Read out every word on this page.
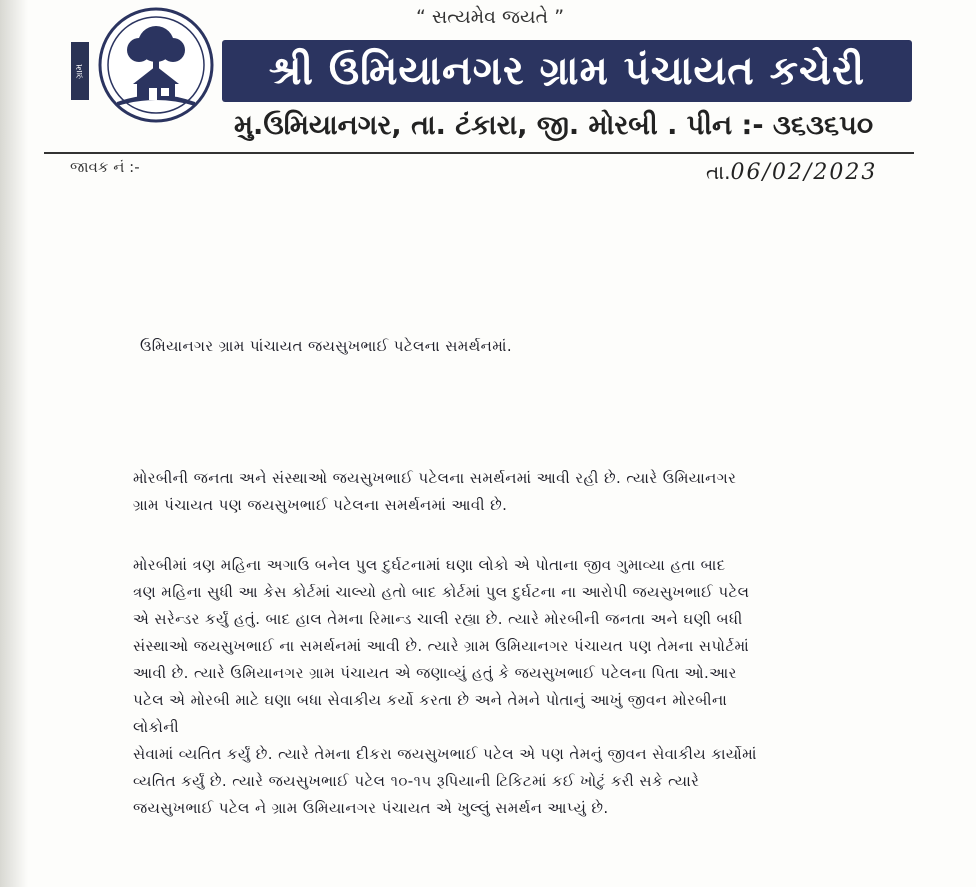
“ સત્યમેવ જયતે ”
ગ્રામ	શ્રી ઉમિયાનગર ગ્રામ પંચાયત કચેરી
મુ.ઉમિયાનગર, તા. ટંકારા, જી. મોરબી . પીન :- ૩૬૩૬૫૦
જાવક નં :-	તા.06/02/2023
ઉમિયાનગર ગ્રામ પાંચાયત જયસુખભાઈ પટેલના સમર્થનમાં.
મોરબીની જનતા અને સંસ્થાઓ જયસુખભાઈ પટેલના સમર્થનમાં આવી રહી છે. ત્યારે ઉમિયાનગર
ગ્રામ પંચાયત પણ જયસુખભાઈ પટેલના સમર્થનમાં આવી છે.
મોરબીમાં ત્રણ મહિના અગાઉ બનેલ પુલ દુર્ઘટનામાં ઘણા લોકો એ પોતાના જીવ ગુમાવ્યા હતા બાદ
ત્રણ મહિના સુધી આ કેસ કોર્ટમાં ચાલ્યો હતો બાદ કોર્ટમાં પુલ દુર્ઘટના ના આરોપી જયસુખભાઈ પટેલ
એ સરેન્ડર કર્યું હતું. બાદ હાલ તેમના રિમાન્ડ ચાલી રહ્યા છે. ત્યારે મોરબીની જનતા અને ઘણી બધી
સંસ્થાઓ જયસુખભાઈ ના સમર્થનમાં આવી છે. ત્યારે ગ્રામ ઉમિયાનગર પંચાયત પણ તેમના સપોર્ટમાં
આવી છે. ત્યારે ઉમિયાનગર ગ્રામ પંચાયત એ જણાવ્યું હતું કે જયસુખભાઈ પટેલના પિતા ઓ.આર
પટેલ એ મોરબી માટે ઘણા બધા સેવાકીય કર્યો કરતા છે અને તેમને પોતાનું આખું જીવન મોરબીના
લોકોની
સેવામાં વ્યતિત કર્યું છે. ત્યારે તેમના દીકરા જયસુખભાઈ પટેલ એ પણ તેમનું જીવન સેવાકીય કાર્યોમાં
વ્યતિત કર્યું છે. ત્યારે જયસુખભાઈ પટેલ ૧૦-૧૫ રૂપિયાની ટિકિટમાં કઈ ખોટું કરી સકે ત્યારે
જયસુખભાઈ પટેલ ને ગ્રામ ઉમિયાનગર પંચાયત એ ખુલ્લું સમર્થન આપ્યું છે.
